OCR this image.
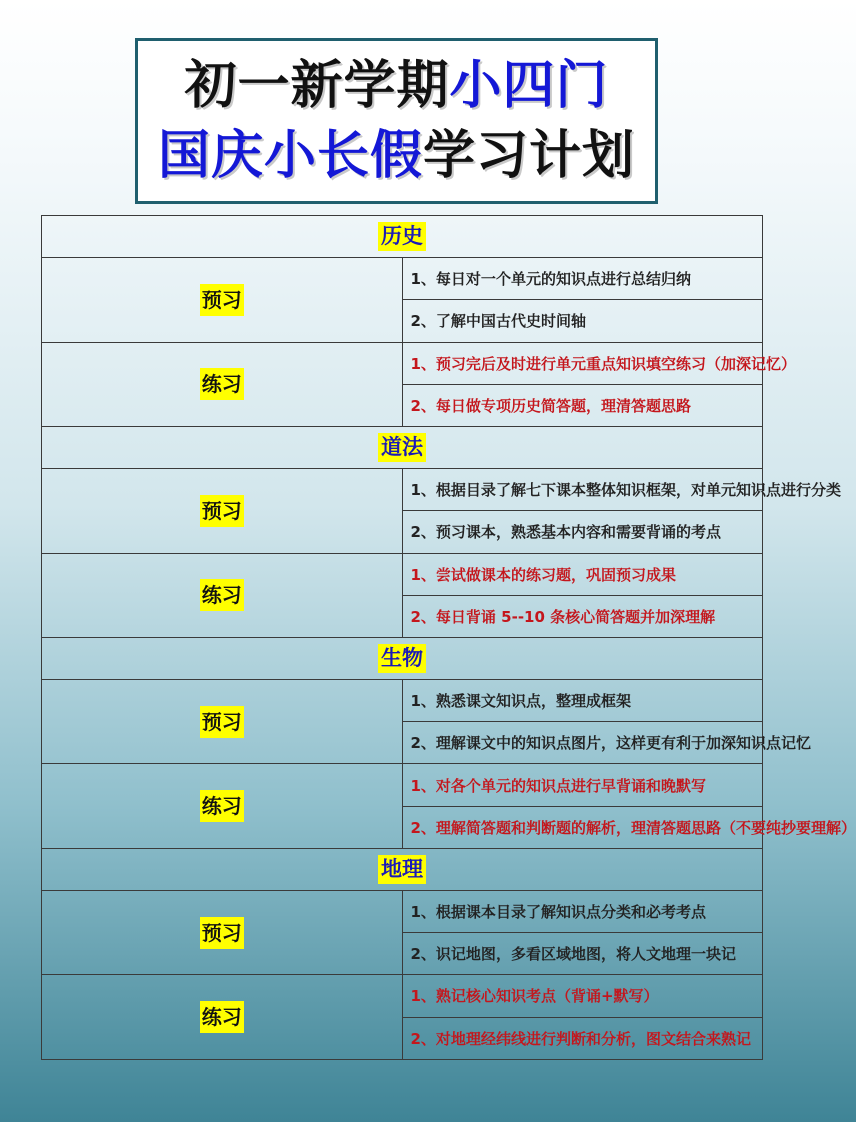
初一新学期小四门
国庆小长假学习计划
历史	
预习	1、每日对一个单元的知识点进行总结归纳
	2、了解中国古代史时间轴
练习	1、预习完后及时进行单元重点知识填空练习（加深记忆）
	2、每日做专项历史简答题，理清答题思路
道法	
预习	1、根据目录了解七下课本整体知识框架，对单元知识点进行分类
	2、预习课本，熟悉基本内容和需要背诵的考点
练习	1、尝试做课本的练习题，巩固预习成果
	2、每日背诵 5--10 条核心简答题并加深理解
生物	
预习	1、熟悉课文知识点，整理成框架
	2、理解课文中的知识点图片，这样更有利于加深知识点记忆
练习	1、对各个单元的知识点进行早背诵和晚默写
	2、理解简答题和判断题的解析，理清答题思路（不要纯抄要理解）
地理	
预习	1、根据课本目录了解知识点分类和必考考点
	2、识记地图，多看区域地图，将人文地理一块记
练习	1、熟记核心知识考点（背诵+默写）
	2、对地理经纬线进行判断和分析，图文结合来熟记
